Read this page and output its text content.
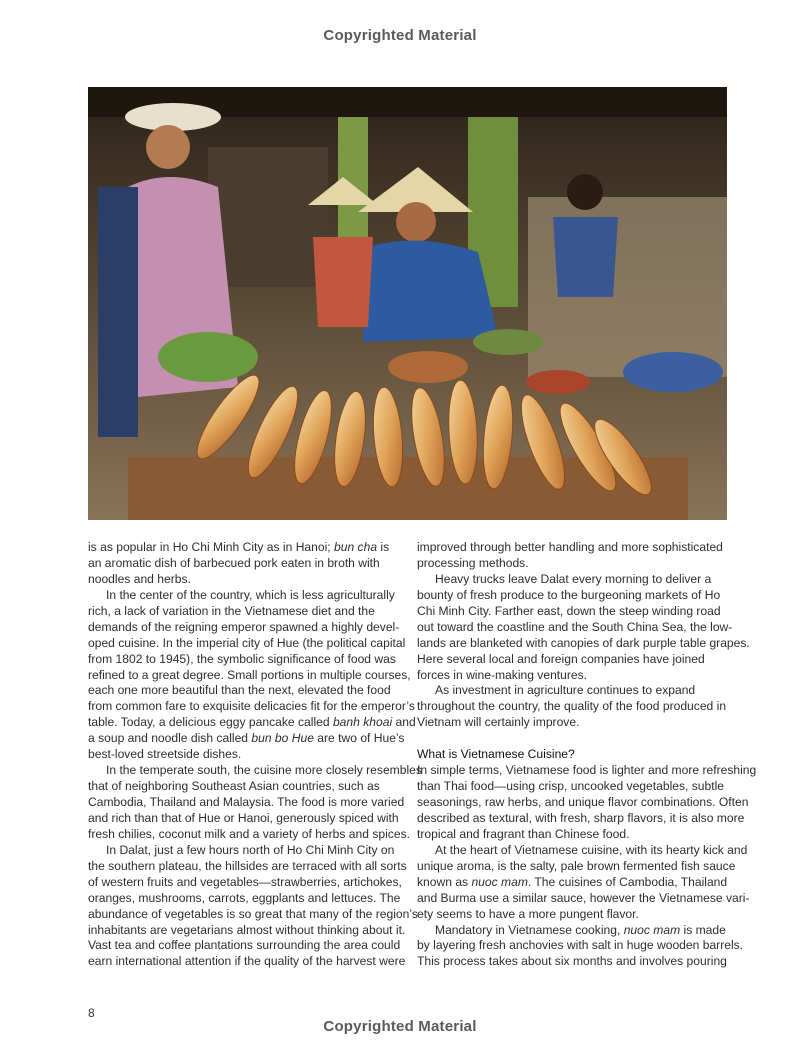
Copyrighted Material
is as popular in Ho Chi Minh City as in Hanoi; bun cha is
an aromatic dish of barbecued pork eaten in broth with
noodles and herbs.
In the center of the country, which is less agriculturally
rich, a lack of variation in the Vietnamese diet and the
demands of the reigning emperor spawned a highly devel-
oped cuisine. In the imperial city of Hue (the political capital
from 1802 to 1945), the symbolic significance of food was
refined to a great degree. Small portions in multiple courses,
each one more beautiful than the next, elevated the food
from common fare to exquisite delicacies fit for the emperor’s
table. Today, a delicious eggy pancake called banh khoai and
a soup and noodle dish called bun bo Hue are two of Hue’s
best-loved streetside dishes.
In the temperate south, the cuisine more closely resembles
that of neighboring Southeast Asian countries, such as
Cambodia, Thailand and Malaysia. The food is more varied
and rich than that of Hue or Hanoi, generously spiced with
fresh chilies, coconut milk and a variety of herbs and spices.
In Dalat, just a few hours north of Ho Chi Minh City on
the southern plateau, the hillsides are terraced with all sorts
of western fruits and vegetables—strawberries, artichokes,
oranges, mushrooms, carrots, eggplants and lettuces. The
abundance of vegetables is so great that many of the region’s
inhabitants are vegetarians almost without thinking about it.
Vast tea and coffee plantations surrounding the area could
earn international attention if the quality of the harvest were
improved through better handling and more sophisticated
processing methods.
Heavy trucks leave Dalat every morning to deliver a
bounty of fresh produce to the burgeoning markets of Ho
Chi Minh City. Farther east, down the steep winding road
out toward the coastline and the South China Sea, the low-
lands are blanketed with canopies of dark purple table grapes.
Here several local and foreign companies have joined
forces in wine-making ventures.
As investment in agriculture continues to expand
throughout the country, the quality of the food produced in
Vietnam will certainly improve.
What is Vietnamese Cuisine?
In simple terms, Vietnamese food is lighter and more refreshing
than Thai food—using crisp, uncooked vegetables, subtle
seasonings, raw herbs, and unique flavor combinations. Often
described as textural, with fresh, sharp flavors, it is also more
tropical and fragrant than Chinese food.
At the heart of Vietnamese cuisine, with its hearty kick and
unique aroma, is the salty, pale brown fermented fish sauce
known as nuoc mam. The cuisines of Cambodia, Thailand
and Burma use a similar sauce, however the Vietnamese vari-
ety seems to have a more pungent flavor.
Mandatory in Vietnamese cooking, nuoc mam is made
by layering fresh anchovies with salt in huge wooden barrels.
This process takes about six months and involves pouring
8
Copyrighted Material
